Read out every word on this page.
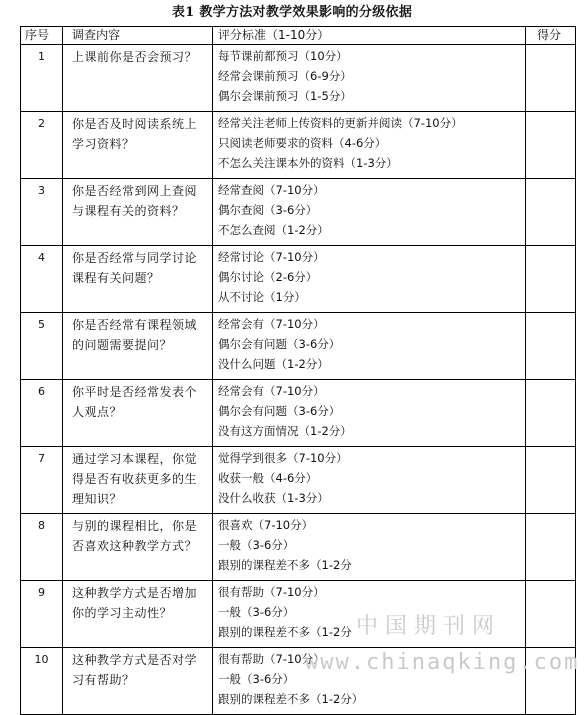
表1 教学方法对教学效果影响的分级依据
序号	调查内容	评分标准（1-10分）	得分
1	上课前你是否会预习？	每节课前都预习（10分）
经常会课前预习（6-9分）
偶尔会课前预习（1-5分）	

2	你是否及时阅读系统上学习资料？	经常关注老师上传资料的更新并阅读（7-10分）
只阅读老师要求的资料（4-6分）
不怎么关注课本外的资料（1-3分）	

3	你是否经常到网上查阅与课程有关的资料？	经常查阅（7-10分）
偶尔查阅（3-6分）
不怎么查阅（1-2分）	

4	你是否经常与同学讨论课程有关问题？	经常讨论（7-10分）
偶尔讨论（2-6分）
从不讨论（1分）	

5	你是否经常有课程领域的问题需要提问？	经常会有（7-10分）
偶尔会有问题（3-6分）
没什么问题（1-2分）	

6	你平时是否经常发表个人观点？	经常会有（7-10分）
偶尔会有问题（3-6分）
没有这方面情况（1-2分）	

7	通过学习本课程，你觉得是否有收获更多的生理知识？	觉得学到很多（7-10分）
收获一般（4-6分）
没什么收获（1-3分）	

8	与别的课程相比，你是否喜欢这种教学方式？	很喜欢（7-10分）
一般（3-6分）
跟别的课程差不多（1-2分	

9	这种教学方式是否增加你的学习主动性？	很有帮助（7-10分）
一般（3-6分）
跟别的课程差不多（1-2分	

10	这种教学方式是否对学习有帮助？	很有帮助（7-10分）
一般（3-6分）
跟别的课程差不多（1-2分）	

中国期刊网
www.chinaqking.com
